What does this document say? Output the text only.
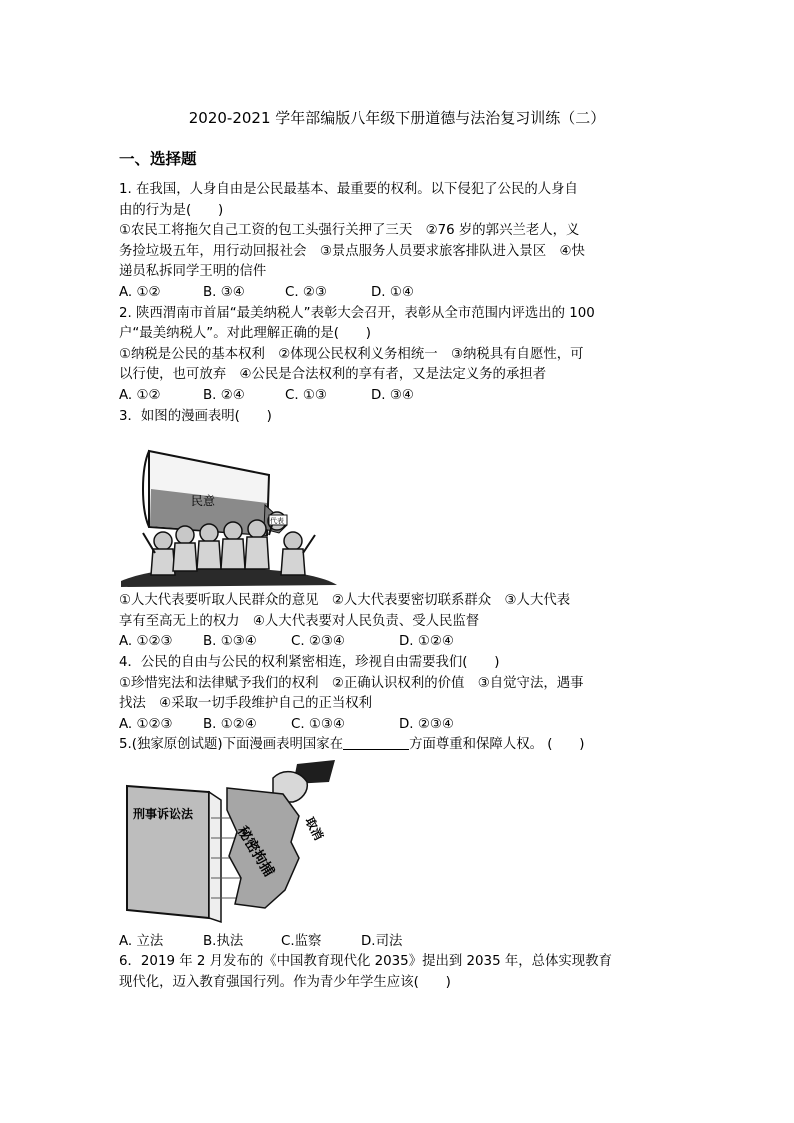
2020-2021 学年部编版八年级下册道德与法治复习训练（二）
一、选择题

1. 在我国，人身自由是公民最基本、最重要的权利。以下侵犯了公民的人身自

由的行为是(　　)

①农民工将拖欠自己工资的包工头强行关押了三天　②76 岁的郭兴兰老人，义

务捡垃圾五年，用行动回报社会　③景点服务人员要求旅客排队进入景区　④快

递员私拆同学王明的信件

A. ①②	B. ③④	C. ②③	D. ①④

2. 陕西渭南市首届“最美纳税人”表彰大会召开，表彰从全市范围内评选出的 100

户“最美纳税人”。对此理解正确的是(　　)

①纳税是公民的基本权利　②体现公民权利义务相统一　③纳税具有自愿性，可

以行使，也可放弃　④公民是合法权利的享有者，又是法定义务的承担者

A. ①②	B. ②④	C. ①③	D. ③④

3．如图的漫画表明(　　)

民意
代表

①人大代表要听取人民群众的意见　②人大代表要密切联系群众　③人大代表

享有至高无上的权力　④人大代表要对人民负责、受人民监督

A. ①②③ B. ①③④	C. ②③④	D. ①②④

4．公民的自由与公民的权利紧密相连，珍视自由需要我们(　　)

①珍惜宪法和法律赋予我们的权利　②正确认识权利的价值　③自觉守法，遇事

找法　④采取一切手段维护自己的正当权利

A. ①②③ B. ①②④	C. ①③④	D. ②③④

5.(独家原创试题)下面漫画表明国家在	方面尊重和保障人权。 (　　)

刑事诉讼法
秘密拘捕 取消

A. 立法	B.执法	C.监察	D.司法

6．2019 年 2 月发布的《中国教育现代化 2035》提出到 2035 年，总体实现教育

现代化，迈入教育强国行列。作为青少年学生应该(　　)
